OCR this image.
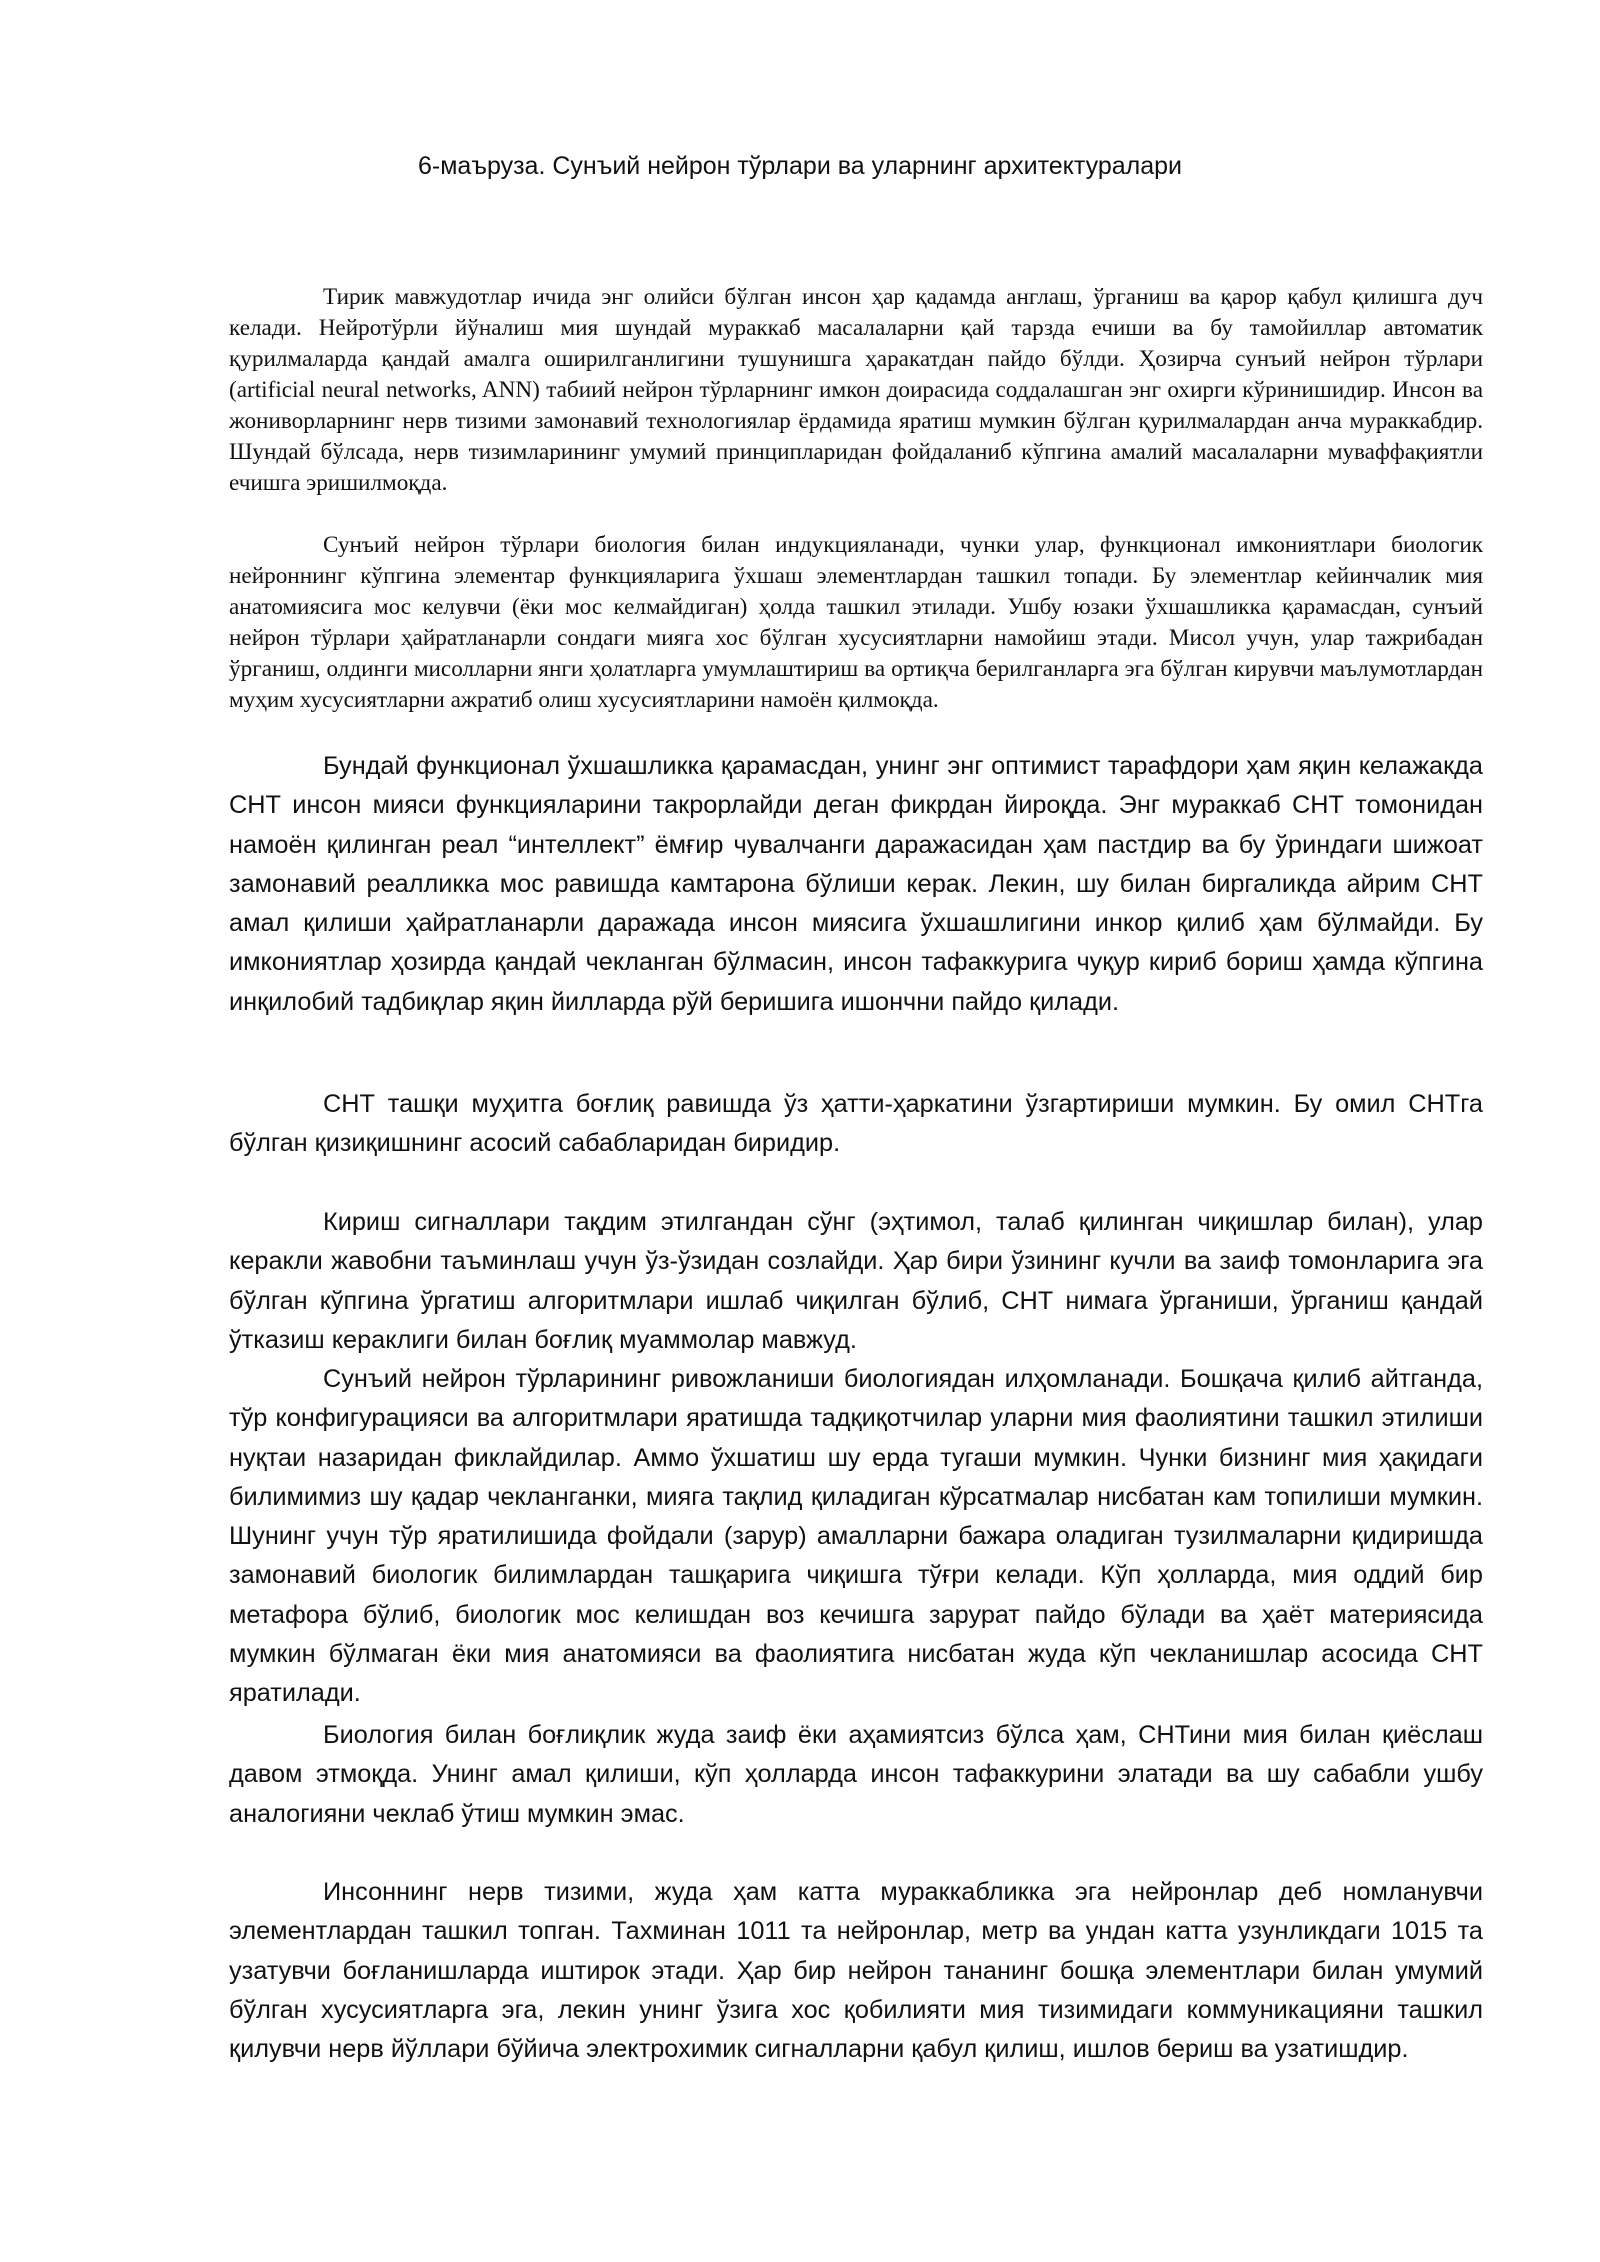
6-маъруза. Сунъий нейрон тўрлари ва уларнинг архитектуралари

Тирик мавжудотлар ичида энг олийси бўлган инсон ҳар қадамда англаш, ўрганиш ва қарор қабул қилишга дуч келади. Нейротўрли йўналиш мия шундай мураккаб масалаларни қай тарзда ечиши ва бу тамойиллар автоматик қурилмаларда қандай амалга оширилганлигини тушунишга ҳаракатдан пайдо бўлди. Ҳозирча сунъий нейрон тўрлари (artificial neural networks, ANN) табиий нейрон тўрларнинг имкон доирасида соддалашган энг охирги кўринишидир. Инсон ва жониворларнинг нерв тизими замонавий технологиялар ёрдамида яратиш мумкин бўлган қурилмалардан анча мураккабдир. Шундай бўлсада, нерв тизимларининг умумий принципларидан фойдаланиб кўпгина амалий масалаларни муваффақиятли ечишга эришилмоқда.

Сунъий нейрон тўрлари биология билан индукцияланади, чунки улар, функционал имкониятлари биологик нейроннинг кўпгина элементар функцияларига ўхшаш элементлардан ташкил топади. Бу элементлар кейинчалик мия анатомиясига мос келувчи (ёки мос келмайдиган) ҳолда ташкил этилади. Ушбу юзаки ўхшашликка қарамасдан, сунъий нейрон тўрлари ҳайратланарли сондаги мияга хос бўлган хусусиятларни намойиш этади. Мисол учун, улар тажрибадан ўрганиш, олдинги мисолларни янги ҳолатларга умумлаштириш ва ортиқча берилганларга эга бўлган кирувчи маълумотлардан муҳим хусусиятларни ажратиб олиш хусусиятларини намоён қилмоқда.

Бундай функционал ўхшашликка қарамасдан, унинг энг оптимист тарафдори ҳам яқин келажакда СНТ инсон мияси функцияларини такрорлайди деган фикрдан йироқда. Энг мураккаб СНТ томонидан намоён қилинган реал “интеллект” ёмғир чувалчанги даражасидан ҳам пастдир ва бу ўриндаги шижоат замонавий реалликка мос равишда камтарона бўлиши керак. Лекин, шу билан биргаликда айрим СНТ амал қилиши ҳайратланарли даражада инсон миясига ўхшашлигини инкор қилиб ҳам бўлмайди. Бу имкониятлар ҳозирда қандай чекланган бўлмасин, инсон тафаккурига чуқур кириб бориш ҳамда кўпгина инқилобий тадбиқлар яқин йилларда рўй беришига ишончни пайдо қилади.

СНТ ташқи муҳитга боғлиқ равишда ўз ҳатти-ҳаркатини ўзгартириши мумкин. Бу омил СНТга бўлган қизиқишнинг асосий сабабларидан биридир.

Кириш сигналлари тақдим этилгандан сўнг (эҳтимол, талаб қилинган чиқишлар билан), улар керакли жавобни таъминлаш учун ўз-ўзидан созлайди. Ҳар бири ўзининг кучли ва заиф томонларига эга бўлган кўпгина ўргатиш алгоритмлари ишлаб чиқилган бўлиб, СНТ нимага ўрганиши, ўрганиш қандай ўтказиш кераклиги билан боғлиқ муаммолар мавжуд.

Сунъий нейрон тўрларининг ривожланиши биологиядан илҳомланади. Бошқача қилиб айтганда, тўр конфигурацияси ва алгоритмлари яратишда тадқиқотчилар уларни мия фаолиятини ташкил этилиши нуқтаи назаридан фиклайдилар. Аммо ўхшатиш шу ерда тугаши мумкин. Чунки бизнинг мия ҳақидаги билимимиз шу қадар чекланганки, мияга тақлид қиладиган кўрсатмалар нисбатан кам топилиши мумкин. Шунинг учун тўр яратилишида фойдали (зарур) амалларни бажара оладиган тузилмаларни қидиришда замонавий биологик билимлардан ташқарига чиқишга тўғри келади. Кўп ҳолларда, мия оддий бир метафора бўлиб, биологик мос келишдан воз кечишга зарурат пайдо бўлади ва ҳаёт материясида мумкин бўлмаган ёки мия анатомияси ва фаолиятига нисбатан жуда кўп чекланишлар асосида СНТ яратилади.

Биология билан боғлиқлик жуда заиф ёки аҳамиятсиз бўлса ҳам, СНТини мия билан қиёслаш давом этмоқда. Унинг амал қилиши, кўп ҳолларда инсон тафаккурини элатади ва шу сабабли ушбу аналогияни чеклаб ўтиш мумкин эмас.

Инсоннинг нерв тизими, жуда ҳам катта мураккабликка эга нейронлар деб номланувчи элементлардан ташкил топган. Тахминан 1011 та нейронлар, метр ва ундан катта узунликдаги 1015 та узатувчи боғланишларда иштирок этади. Ҳар бир нейрон тананинг бошқа элементлари билан умумий бўлган хусусиятларга эга, лекин унинг ўзига хос қобилияти мия тизимидаги коммуникацияни ташкил қилувчи нерв йўллари бўйича электрохимик сигналларни қабул қилиш, ишлов бериш ва узатишдир.
